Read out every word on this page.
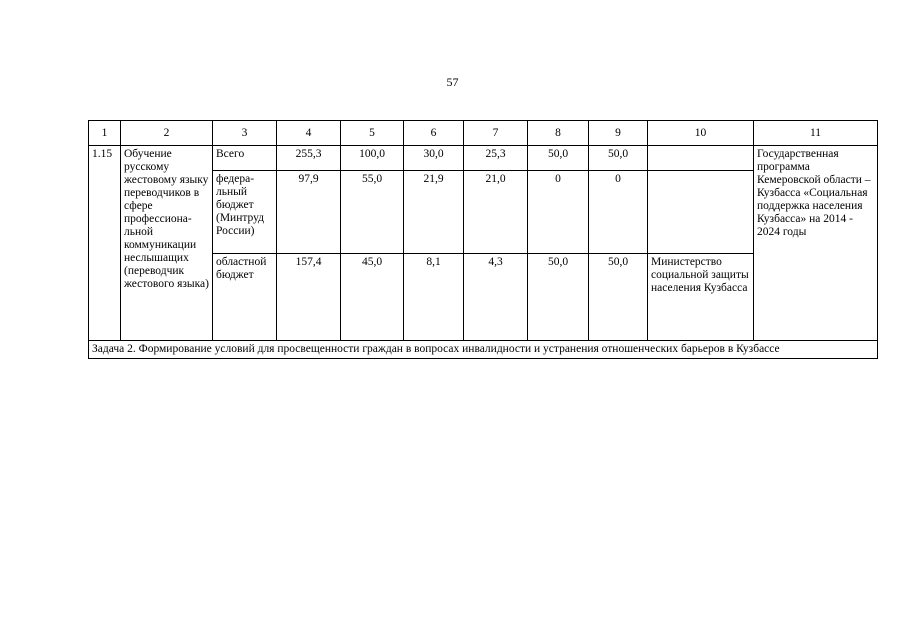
57
1	2	3	4	5	6	7	8	9	10	11
1.15	Обучение русскому жестовому языку переводчиков в сфере профессиона-льной коммуникации неслышащих (переводчик жестового языка)	Всего	255,3	100,0	30,0	25,3	50,0	50,0		Государственная программа Кемеровской области – Кузбасса «Социальная поддержка населения Кузбасса» на 2014 - 2024 годы
		федера-льный бюджет (Минтруд России)	97,9	55,0	21,9	21,0	0	0		
		областной бюджет	157,4	45,0	8,1	4,3	50,0	50,0	Министерство социальной защиты населения Кузбасса	
Задача 2. Формирование условий для просвещенности граждан в вопросах инвалидности и устранения отношенческих барьеров в Кузбассе										
